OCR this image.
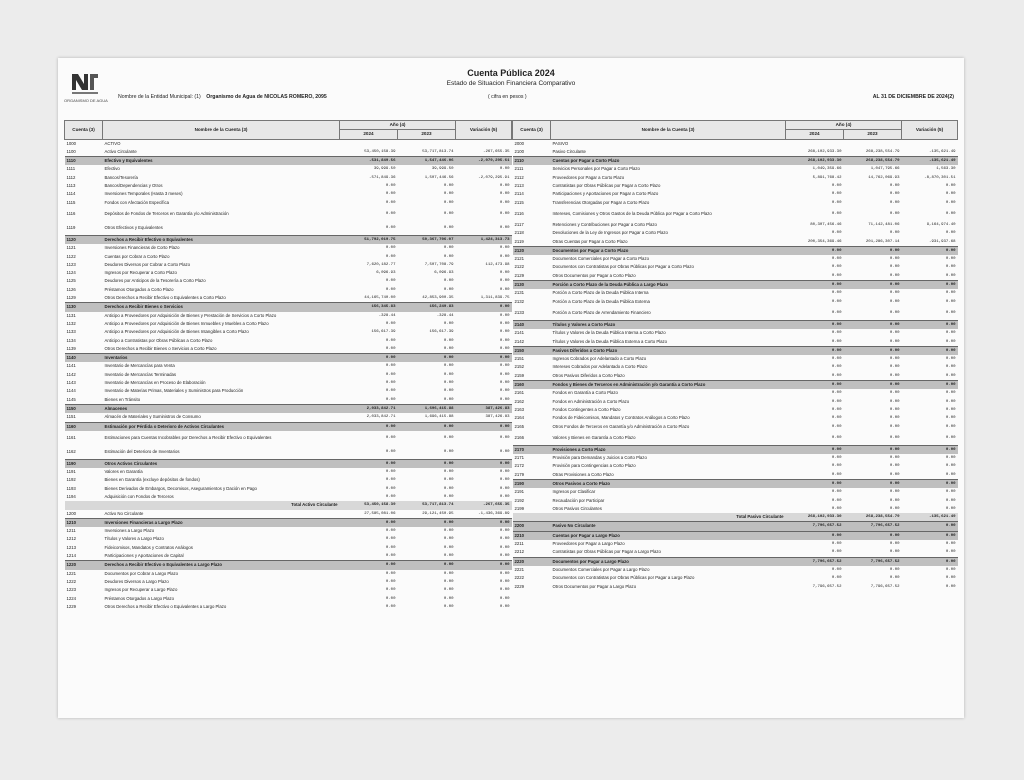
ORGANISMO DE AGUA
Cuenta Pública 2024
Estado de Situacion Financiera Comparativo
Nombre de la Entidad Municipal: (1) Organismo de Agua de NICOLAS ROMERO, 2095	( cifra en pesos )	AL 31 DE DICIEMBRE DE 2024(2)
Cuenta (3)	Nombre de la Cuenta (3)	Año (4)		Variación (5)
		2024	2023	
1000	ACTIVO			
1100	Activo Circulante	53,450,158.39	53,717,813.74	-267,655.35
1110	Efectivo y Equivalentes	-531,849.56	1,547,446.06	-2,079,295.61
1111	Efectivo	39,999.50	39,999.50	0.00
1112	Bancos/Tesorería	-571,849.36	1,507,446.56	-2,079,295.91
1113	Bancos/Dependencias y Otros	0.00	0.00	0.00
1114	Inversiones Temporales (Hasta 3 meses)	0.00	0.00	0.00
1115	Fondos con Afectación Específica	0.00	0.00	0.00
1116	Depósitos de Fondos de Terceros en Garantía y/o Administración	0.00	0.00	0.00
1119	Otros Efectivos y Equivalentes	0.00	0.00	0.00
1120	Derechos a Recibir Efectivo o Equivalentes	51,792,019.75	50,367,706.07	1,424,313.73
1121	Inversiones Financieras de Corto Plazo	0.00	0.00	0.00
1122	Cuentas por Cobrar a Corto Plazo	0.00	0.00	0.00
1123	Deudores Diversos por Cobrar a Corto Plazo	7,620,182.77	7,507,708.79	112,473.98
1124	Ingresos por Recuperar a Corto Plazo	6,096.93	6,096.93	0.00
1125	Deudores por Anticipos de la Tesorería a Corto Plazo	0.00	0.00	0.00
1126	Préstamos Otorgados a Corto Plazo	0.00	0.00	0.00
1129	Otros Derechos a Recibir Efectivo o Equivalentes a Corto Plazo	44,165,740.00	42,853,900.35	1,311,839.75
1130	Derechos a Recibir Bienes o Servicios	156,345.83	156,249.83	0.00
1131	Anticipo a Proveedores por Adquisición de Bienes y Prestación de Servicios a Corto Plazo	-328.44	-328.44	0.00
1132	Anticipo a Proveedores por Adquisición de Bienes Inmuebles y Muebles a Corto Plazo	0.00	0.00	0.00
1133	Anticipo a Proveedores por Adquisición de Bienes Intangibles a Corto Plazo	156,617.39	156,617.39	0.00
1134	Anticipo a Contratistas por Obras Públicas a Corto Plazo	0.00	0.00	0.00
1139	Otros Derechos a Recibir Bienes o Servicios a Corto Plazo	0.00	0.00	0.00
1140	Inventarios	0.00	0.00	0.00
1141	Inventario de Mercancías para Venta	0.00	0.00	0.00
1142	Inventario de Mercancías Terminadas	0.00	0.00	0.00
1143	Inventario de Mercancías en Proceso de Elaboración	0.00	0.00	0.00
1144	Inventario de Materias Primas, Materiales y Suministros para Producción	0.00	0.00	0.00
1145	Bienes en Tránsito	0.00	0.00	0.00
1150	Almacenes	2,033,842.71	1,696,415.88	387,426.83
1151	Almacén de Materiales y Suministros de Consumo	2,033,842.71	1,696,415.88	387,426.83
1160	Estimación por Pérdida o Deterioro de Activos Circulantes	0.00	0.00	0.00
1161	Estimaciones para Cuentas Incobrables por Derechos a Recibir Efectivo o Equivalentes	0.00	0.00	0.00
1162	Estimación del Deterioro de Inventarios	0.00	0.00	0.00
1190	Otros Activos Circulantes	0.00	0.00	0.00
1191	Valores en Garantía	0.00	0.00	0.00
1192	Bienes en Garantía (excluye depósitos de fondos)	0.00	0.00	0.00
1193	Bienes Derivados de Embargos, Decomisos, Aseguramientos y Dación en Pago	0.00	0.00	0.00
1194	Adquisición con Fondos de Terceros	0.00	0.00	0.00
	Total Activo Circulante	53,450,158.39	53,717,813.74	-267,655.35
1200	Activo No Circulante	27,585,081.06	29,121,450.95	-1,436,369.89
1210	Inversiones Financieras a Largo Plazo	0.00	0.00	0.00
1211	Inversiones a Largo Plazo	0.00	0.00	0.00
1212	Títulos y Valores a Largo Plazo	0.00	0.00	0.00
1213	Fideicomisos, Mandatos y Contratos Análogos	0.00	0.00	0.00
1214	Participaciones y Aportaciones de Capital	0.00	0.00	0.00
1220	Derechos a Recibir Efectivo o Equivalentes a Largo Plazo	0.00	0.00	0.00
1221	Documentos por Cobrar a Largo Plazo	0.00	0.00	0.00
1222	Deudores Diversos a Largo Plazo	0.00	0.00	0.00
1223	Ingresos por Recuperar a Largo Plazo	0.00	0.00	0.00
1224	Préstamos Otorgados a Largo Plazo	0.00	0.00	0.00
1229	Otros Derechos a Recibir Efectivo o Equivalentes a Largo Plazo	0.00	0.00	0.00
Cuenta (3)	Nombre de la Cuenta (3)	Año (4)		Variación (5)
		2024	2023	
2000	PASIVO			
2100	Pasivo Circulante	268,102,933.30	268,238,554.79	-135,621.49
2110	Cuentas por Pagar a Corto Plazo	268,102,933.30	268,238,554.79	-135,621.49
2111	Servicios Personales por Pagar a Corto Plazo	1,049,359.66	1,047,795.66	1,563.30
2112	Proveedores por Pagar a Corto Plazo	5,891,768.42	14,762,069.93	-8,870,301.51
2113	Contratistas por Obras Públicas por Pagar a Corto Plazo	0.00	0.00	0.00
2114	Participaciones y Aportaciones por Pagar a Corto Plazo	0.00	0.00	0.00
2115	Transferencias Otorgadas por Pagar a Corto Plazo	0.00	0.00	0.00
2116	Intereses, Comisiones y Otros Gastos de la Deuda Pública por Pagar a Corto Plazo	0.00	0.00	0.00
2117	Retenciones y Contribuciones por Pagar a Corto Plazo	80,307,456.46	71,142,481.06	9,164,974.40
2118	Devoluciones de la Ley de Ingresos por Pagar a Corto Plazo	0.00	0.00	0.00
2119	Otras Cuentas por Pagar a Corto Plazo	200,354,369.46	201,286,307.14	-931,937.68
2120	Documentos por Pagar a Corto Plazo	0.00	0.00	0.00
2121	Documentos Comerciales por Pagar a Corto Plazo	0.00	0.00	0.00
2122	Documentos con Contratistas por Obras Públicas por Pagar a Corto Plazo	0.00	0.00	0.00
2129	Otros Documentos por Pagar a Corto Plazo	0.00	0.00	0.00
2130	Porción a Corto Plazo de la Deuda Pública a Largo Plazo	0.00	0.00	0.00
2131	Porción a Corto Plazo de la Deuda Pública Interna	0.00	0.00	0.00
2132	Porción a Corto Plazo de la Deuda Pública Externa	0.00	0.00	0.00
2133	Porción a Corto Plazo de Arrendamiento Financiero	0.00	0.00	0.00
2140	Títulos y Valores a Corto Plazo	0.00	0.00	0.00
2141	Títulos y Valores de la Deuda Pública Interna a Corto Plazo	0.00	0.00	0.00
2142	Títulos y Valores de la Deuda Pública Externa a Corto Plazo	0.00	0.00	0.00
2150	Pasivos Diferidos a Corto Plazo	0.00	0.00	0.00
2151	Ingresos Cobrados por Adelantado a Corto Plazo	0.00	0.00	0.00
2152	Intereses Cobrados por Adelantado a Corto Plazo	0.00	0.00	0.00
2159	Otros Pasivos Diferidos a Corto Plazo	0.00	0.00	0.00
2160	Fondos y Bienes de Terceros en Administración y/o Garantía a Corto Plazo	0.00	0.00	0.00
2161	Fondos en Garantía a Corto Plazo	0.00	0.00	0.00
2162	Fondos en Administración a Corto Plazo	0.00	0.00	0.00
2163	Fondos Contingentes a Corto Plazo	0.00	0.00	0.00
2164	Fondos de Fideicomisos, Mandatos y Contratos Análogos a Corto Plazo	0.00	0.00	0.00
2165	Otros Fondos de Terceros en Garantía y/o Administración a Corto Plazo	0.00	0.00	0.00
2166	Valores y Bienes en Garantía a Corto Plazo	0.00	0.00	0.00
2170	Provisiones a Corto Plazo	0.00	0.00	0.00
2171	Provisión para Demandas y Juicios a Corto Plazo	0.00	0.00	0.00
2172	Provisión para Contingencias a Corto Plazo	0.00	0.00	0.00
2179	Otras Provisiones a Corto Plazo	0.00	0.00	0.00
2190	Otros Pasivos a Corto Plazo	0.00	0.00	0.00
2191	Ingresos por Clasificar	0.00	0.00	0.00
2192	Recaudación por Participar	0.00	0.00	0.00
2199	Otros Pasivos Circulantes	0.00	0.00	0.00
	Total Pasivo Circulante	268,102,933.30	268,238,554.79	-135,621.49
2200	Pasivo No Circulante	7,796,657.52	7,796,657.52	0.00
2210	Cuentas por Pagar a Largo Plazo	0.00	0.00	0.00
2211	Proveedores por Pagar a Largo Plazo	0.00	0.00	0.00
2212	Contratistas por Obras Públicas por Pagar a Largo Plazo	0.00	0.00	0.00
2220	Documentos por Pagar a Largo Plazo	7,796,657.52	7,796,657.52	0.00
2221	Documentos Comerciales por Pagar a Largo Plazo	0.00	0.00	0.00
2222	Documentos con Contratistas por Obras Públicas por Pagar a Largo Plazo	0.00	0.00	0.00
2229	Otros Documentos por Pagar a Largo Plazo	7,796,657.52	7,796,657.52	0.00
